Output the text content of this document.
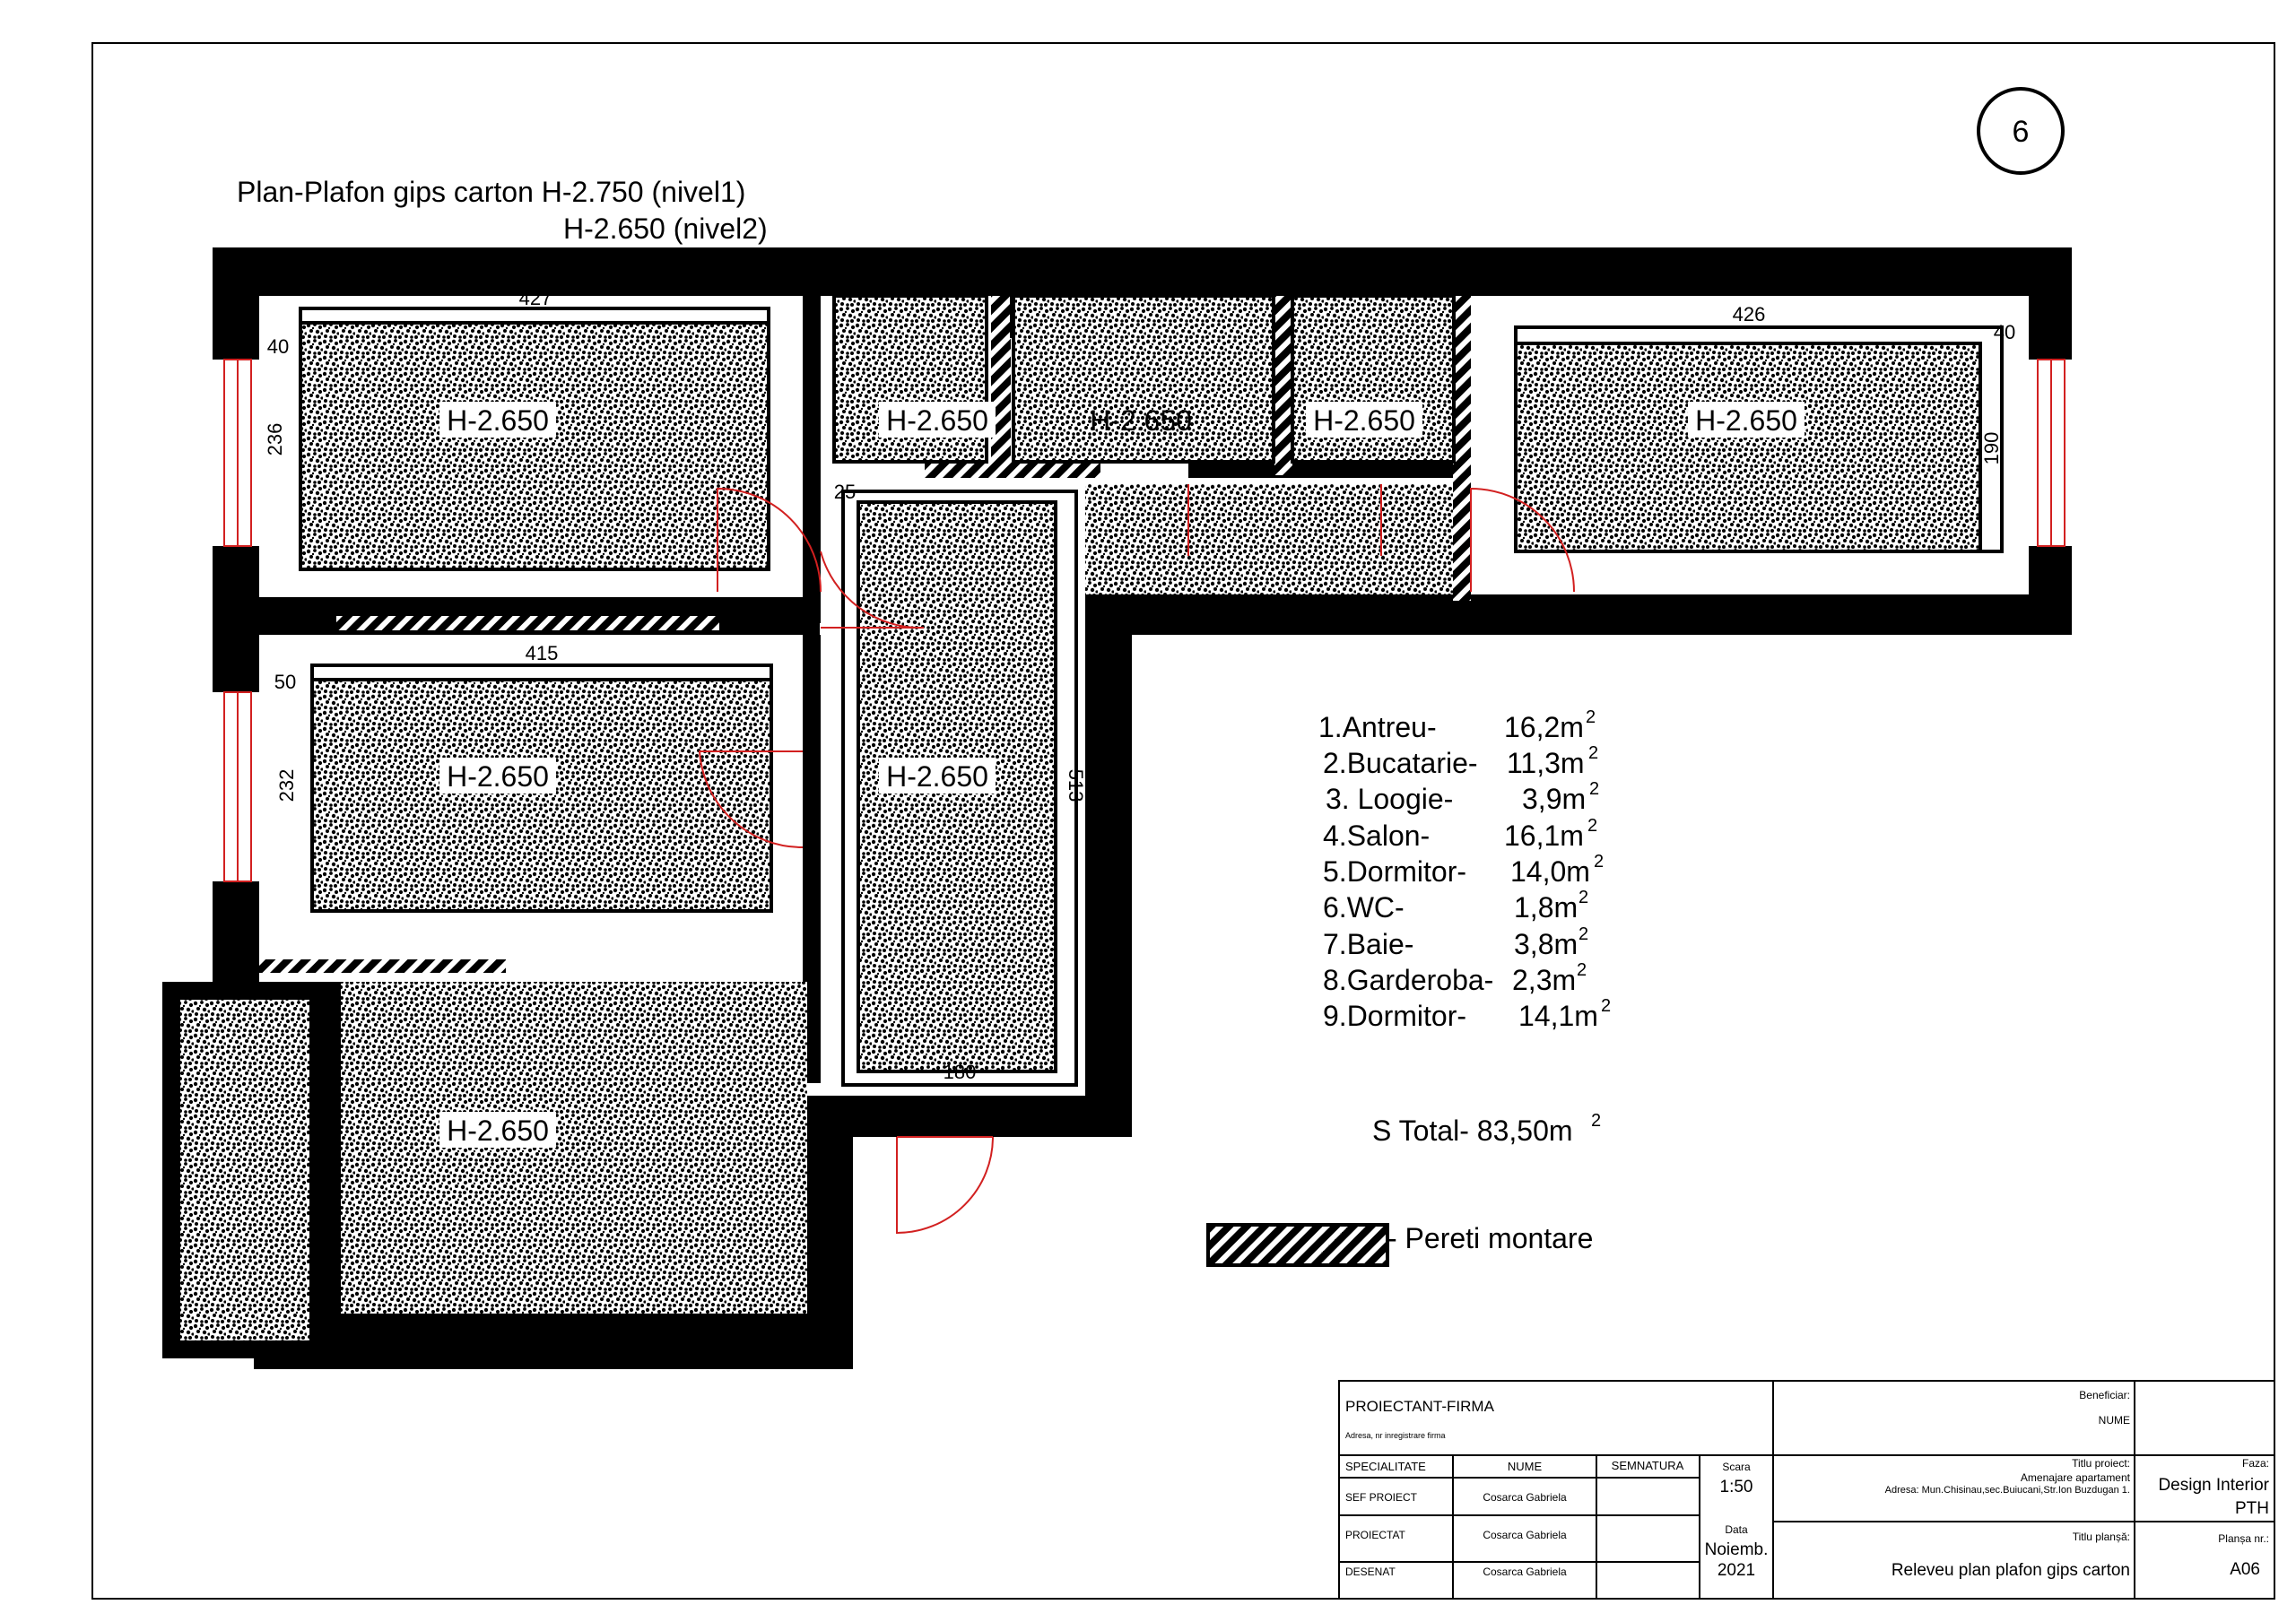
6
Plan-Plafon gips carton H-2.750 (nivel1)
H-2.650 (nivel2)
H-2.650	H-2.650	H-2.650	H-2.650	H-2.650
H-2.650	H-2.650
H-2.650
427
40
236
426
40
190
25
415
50
232	513
180
1.Antreu- 16,2m 2
2.Bucatarie- 11,3m 2
3. Loogie- 3,9m 2
4.Salon-	16,1m 2
5.Dormitor- 14,0m 2
6.WC-	1,8m 2
7.Baie-	3,8m 2
8.Garderoba- 2,3m 2
9.Dormitor- 14,1m 2
S Total- 83,50m 2
- Pereti montare
PROIECTANT-FIRMA
Adresa, nr inregistrare firma
SPECIALITATE	NUME	SEMNATURA
SEF PROIECT	Cosarca Gabriela
PROIECTAT	Cosarca Gabriela
DESENAT	Cosarca Gabriela
Scara
1:50
Data
Noiemb.
2021
Beneficiar:
NUME
Titlu proiect:
Amenajare apartament
Adresa: Mun.Chisinau,sec.Buiucani,Str.Ion Buzdugan 1.
Titlu planșă:
Releveu plan plafon gips carton
Faza:
Design Interior
PTH
Planșa nr.:
A06
